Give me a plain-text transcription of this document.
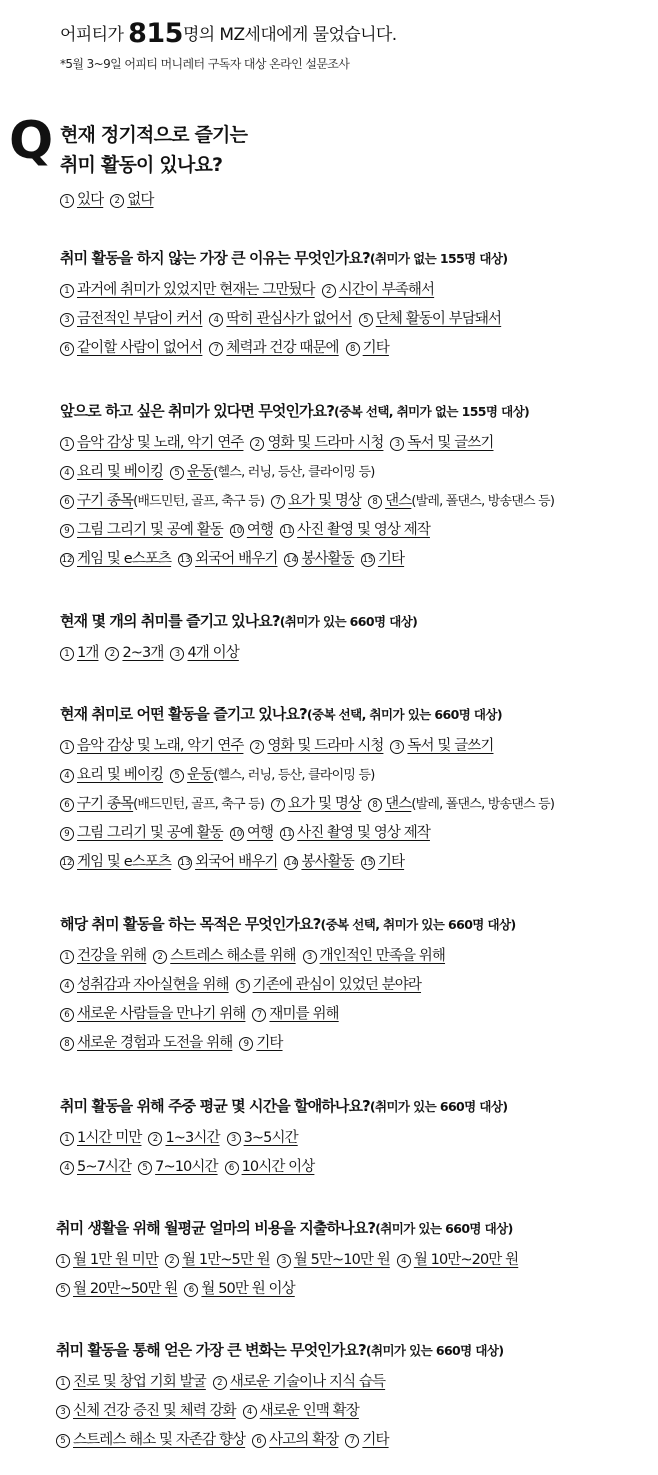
어피티가 815명의 MZ세대에게 물었습니다.
*5월 3~9일 어피티 머니레터 구독자 대상 온라인 설문조사
Q 현재 정기적으로 즐기는
취미 활동이 있나요?
1 있다 2 없다
취미 활동을 하지 않는 가장 큰 이유는 무엇인가요?(취미가 없는 155명 대상)
1 과거에 취미가 있었지만 현재는 그만뒀다 2 시간이 부족해서
3 금전적인 부담이 커서 4 딱히 관심사가 없어서 5 단체 활동이 부담돼서
6 같이할 사람이 없어서 7 체력과 건강 때문에 8 기타
앞으로 하고 싶은 취미가 있다면 무엇인가요?(중복 선택, 취미가 없는 155명 대상)
1 음악 감상 및 노래, 악기 연주 2 영화 및 드라마 시청 3 독서 및 글쓰기
4 요리 및 베이킹 5 운동(헬스, 러닝, 등산, 클라이밍 등)
6 구기 종목(배드민턴, 골프, 축구 등) 7 요가 및 명상 8 댄스(발레, 폴댄스, 방송댄스 등)
9 그림 그리기 및 공예 활동 10 여행 11 사진 촬영 및 영상 제작
12 게임 및 e스포츠 13 외국어 배우기 14 봉사활동 15 기타
현재 몇 개의 취미를 즐기고 있나요?(취미가 있는 660명 대상)
1 1개 2 2~3개 3 4개 이상
현재 취미로 어떤 활동을 즐기고 있나요?(중복 선택, 취미가 있는 660명 대상)
1 음악 감상 및 노래, 악기 연주 2 영화 및 드라마 시청 3 독서 및 글쓰기
4 요리 및 베이킹 5 운동(헬스, 러닝, 등산, 클라이밍 등)
6 구기 종목(배드민턴, 골프, 축구 등) 7 요가 및 명상 8 댄스(발레, 폴댄스, 방송댄스 등)
9 그림 그리기 및 공예 활동 10 여행 11 사진 촬영 및 영상 제작
12 게임 및 e스포츠 13 외국어 배우기 14 봉사활동 15 기타
해당 취미 활동을 하는 목적은 무엇인가요?(중복 선택, 취미가 있는 660명 대상)
1 건강을 위해 2 스트레스 해소를 위해 3 개인적인 만족을 위해
4 성취감과 자아실현을 위해 5 기존에 관심이 있었던 분야라
6 새로운 사람들을 만나기 위해 7 재미를 위해
8 새로운 경험과 도전을 위해 9 기타
취미 활동을 위해 주중 평균 몇 시간을 할애하나요?(취미가 있는 660명 대상)
1 1시간 미만 2 1~3시간 3 3~5시간
4 5~7시간 5 7~10시간 6 10시간 이상
취미 생활을 위해 월평균 얼마의 비용을 지출하나요?(취미가 있는 660명 대상)
1 월 1만 원 미만 2 월 1만~5만 원 3 월 5만~10만 원 4 월 10만~20만 원
5 월 20만~50만 원 6 월 50만 원 이상
취미 활동을 통해 얻은 가장 큰 변화는 무엇인가요?(취미가 있는 660명 대상)
1 진로 및 창업 기회 발굴 2 새로운 기술이나 지식 습득
3 신체 건강 증진 및 체력 강화 4 새로운 인맥 확장
5 스트레스 해소 및 자존감 향상 6 사고의 확장 7 기타
